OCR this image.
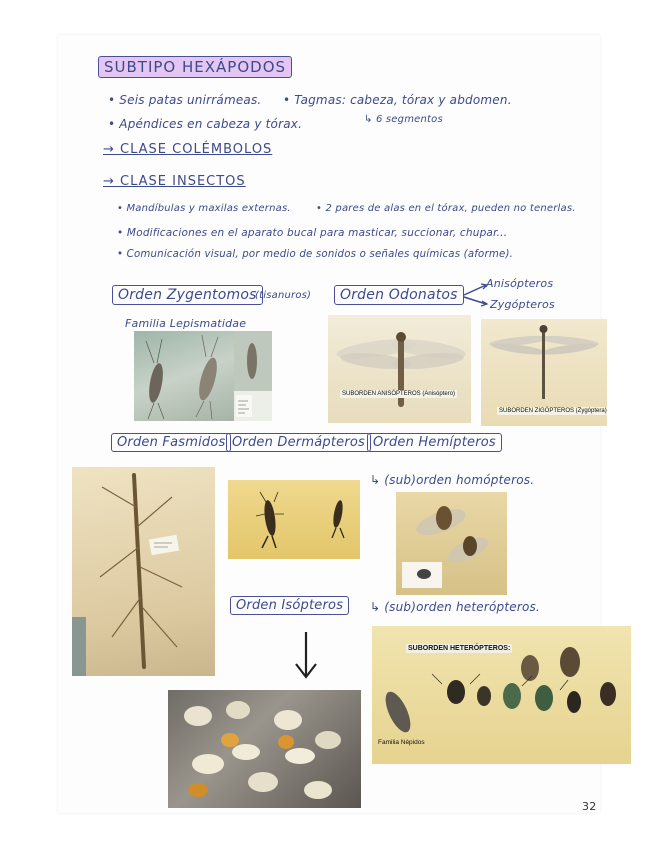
SUBTIPO HEXÁPODOS
• Seis patas unirrámeas. • Tagmas: cabeza, tórax y abdomen.
• Apéndices en cabeza y tórax.	↳ 6 segmentos
→ CLASE COLÉMBOLOS
→ CLASE INSECTOS
• Mandíbulas y maxilas externas.	• 2 pares de alas en el tórax, pueden no tenerlas.
• Modificaciones en el aparato bucal para masticar, succionar, chupar...
• Comunicación visual, por medio de sonidos o señales químicas (aforme).
Orden Zygentomos
(tisanuros)	Orden Odonatos
Anisópteros
Zygópteros
Familia Lepismatidae
SUBORDEN ANISÓPTEROS (Anisóptero)
SUBORDEN ZIGÓPTEROS (Zygóptera)
Orden Fasmidos Orden Dermápteros Orden Hemípteros
↳ (sub)orden homópteros.
Orden Isópteros	↳ (sub)orden heterópteros.
SUBORDEN HETERÓPTEROS:
Familia Népidos
32
